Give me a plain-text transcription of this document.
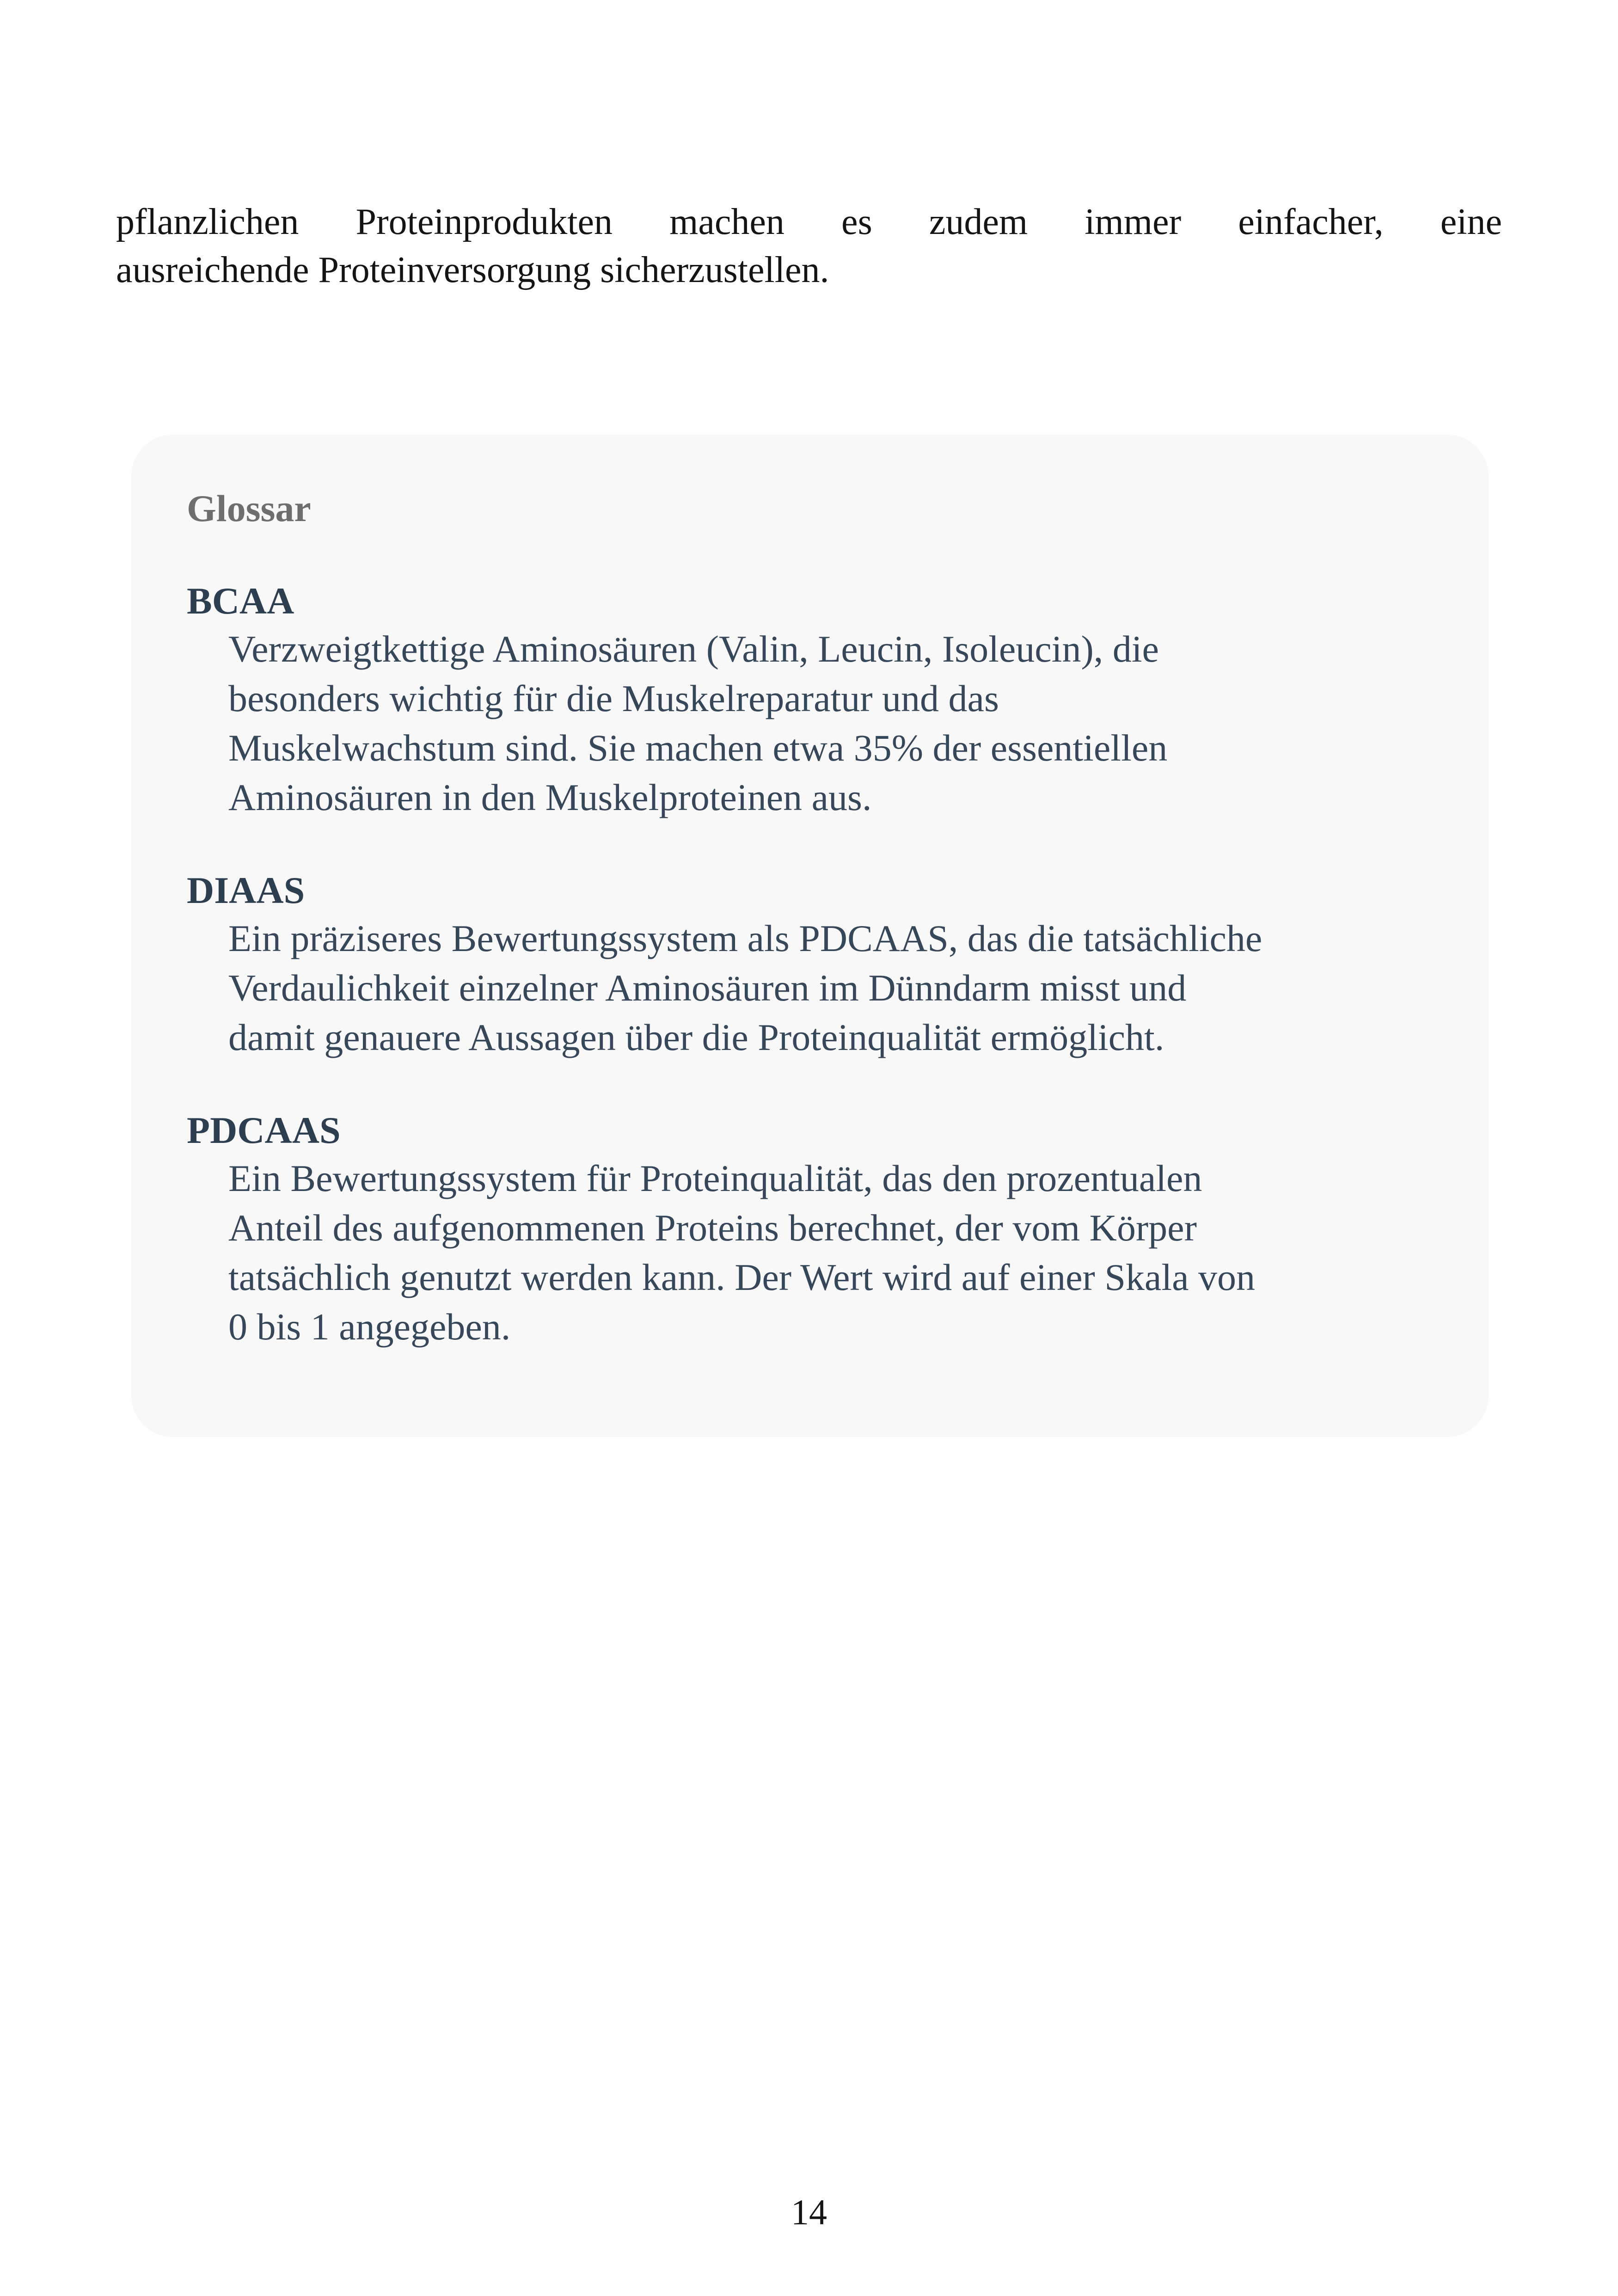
pflanzlichen Proteinprodukten machen es zudem immer einfacher, eine
ausreichende Proteinversorgung sicherzustellen.

Glossar
BCAA
Verzweigtkettige Aminosäuren (Valin, Leucin, Isoleucin), die
besonders wichtig für die Muskelreparatur und das
Muskelwachstum sind. Sie machen etwa 35% der essentiellen
Aminosäuren in den Muskelproteinen aus.
DIAAS
Ein präziseres Bewertungssystem als PDCAAS, das die tatsächliche
Verdaulichkeit einzelner Aminosäuren im Dünndarm misst und
damit genauere Aussagen über die Proteinqualität ermöglicht.
PDCAAS
Ein Bewertungssystem für Proteinqualität, das den prozentualen
Anteil des aufgenommenen Proteins berechnet, der vom Körper
tatsächlich genutzt werden kann. Der Wert wird auf einer Skala von
0 bis 1 angegeben.
14
